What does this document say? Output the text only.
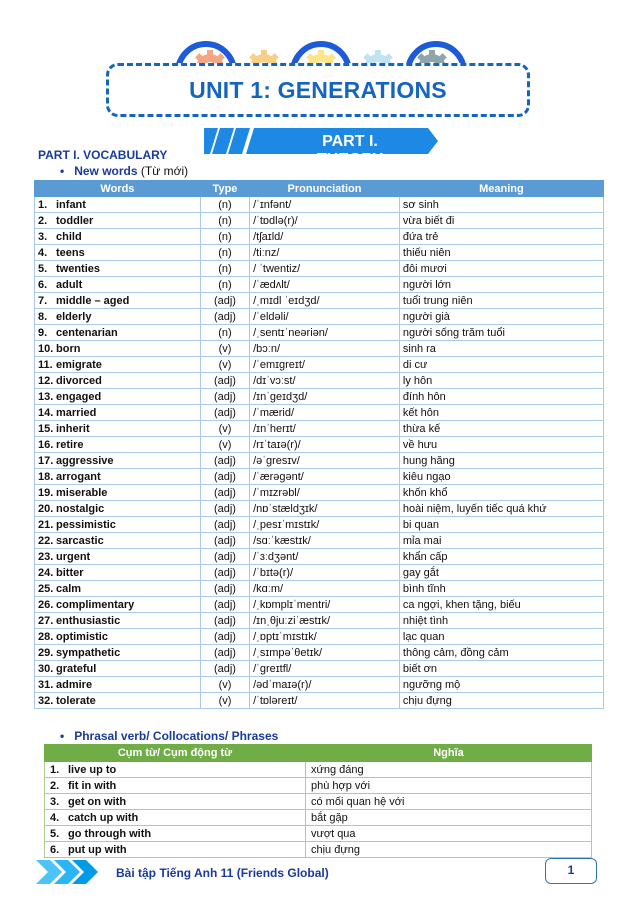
UNIT 1: GENERATIONS
PART I. THEORY
PART I. VOCABULARY
• New words (Từ mới)
Words	Type	Pronunciation	Meaning
1. infant	(n)	/ˈɪnfənt/	sơ sinh
2. toddler	(n)	/ˈtɒdlə(r)/	vừa biết đi
3. child	(n)	/tʃaɪld/	đứa trẻ
4. teens	(n)	/tiːnz/	thiếu niên
5. twenties	(n)	/ ˈtwentiz/	đôi mươi
6. adult	(n)	/ˈædʌlt/	người lớn
7. middle – aged	(adj)	/ˌmɪdl ˈeɪdʒd/	tuổi trung niên
8. elderly	(adj)	/ˈeldəli/	người già
9. centenarian	(n)	/ˌsentɪˈneəriən/	người sống trăm tuổi
10. born	(v)	/bɔːn/	sinh ra
11. emigrate	(v)	/ˈemɪɡreɪt/	di cư
12. divorced	(adj)	/dɪˈvɔːst/	ly hôn
13. engaged	(adj)	/ɪnˈɡeɪdʒd/	đính hôn
14. married	(adj)	/ˈmærid/	kết hôn
15. inherit	(v)	/ɪnˈherɪt/	thừa kế
16. retire	(v)	/rɪˈtaɪə(r)/	về hưu
17. aggressive	(adj)	/əˈɡresɪv/	hung hăng
18. arrogant	(adj)	/ˈærəɡənt/	kiêu ngạo
19. miserable	(adj)	/ˈmɪzrəbl/	khốn khổ
20. nostalgic	(adj)	/nɒˈstældʒɪk/	hoài niệm, luyến tiếc quá khứ
21. pessimistic	(adj)	/ˌpesɪˈmɪstɪk/	bi quan
22. sarcastic	(adj)	/sɑːˈkæstɪk/	mỉa mai
23. urgent	(adj)	/ˈɜːdʒənt/	khẩn cấp
24. bitter	(adj)	/ˈbɪtə(r)/	gay gắt
25. calm	(adj)	/kɑːm/	bình tĩnh
26. complimentary	(adj)	/ˌkɒmplɪˈmentri/	ca ngợi, khen tặng, biếu
27. enthusiastic	(adj)	/ɪnˌθjuːziˈæstɪk/	nhiệt tình
28. optimistic	(adj)	/ˌɒptɪˈmɪstɪk/	lạc quan
29. sympathetic	(adj)	/ˌsɪmpəˈθetɪk/	thông cảm, đồng cảm
30. grateful	(adj)	/ˈɡreɪtfl/	biết ơn
31. admire	(v)	/ədˈmaɪə(r)/	ngưỡng mộ
32. tolerate	(v)	/ˈtɒləreɪt/	chịu đựng
• Phrasal verb/ Collocations/ Phrases
Cụm từ/ Cụm động từ	Nghĩa
1. live up to	xứng đáng
2. fit in with	phù hợp với
3. get on with	có mối quan hệ với
4. catch up with	bắt gặp
5. go through with	vượt qua
6. put up with	chịu đựng
Bài tập Tiếng Anh 11 (Friends Global)	1
